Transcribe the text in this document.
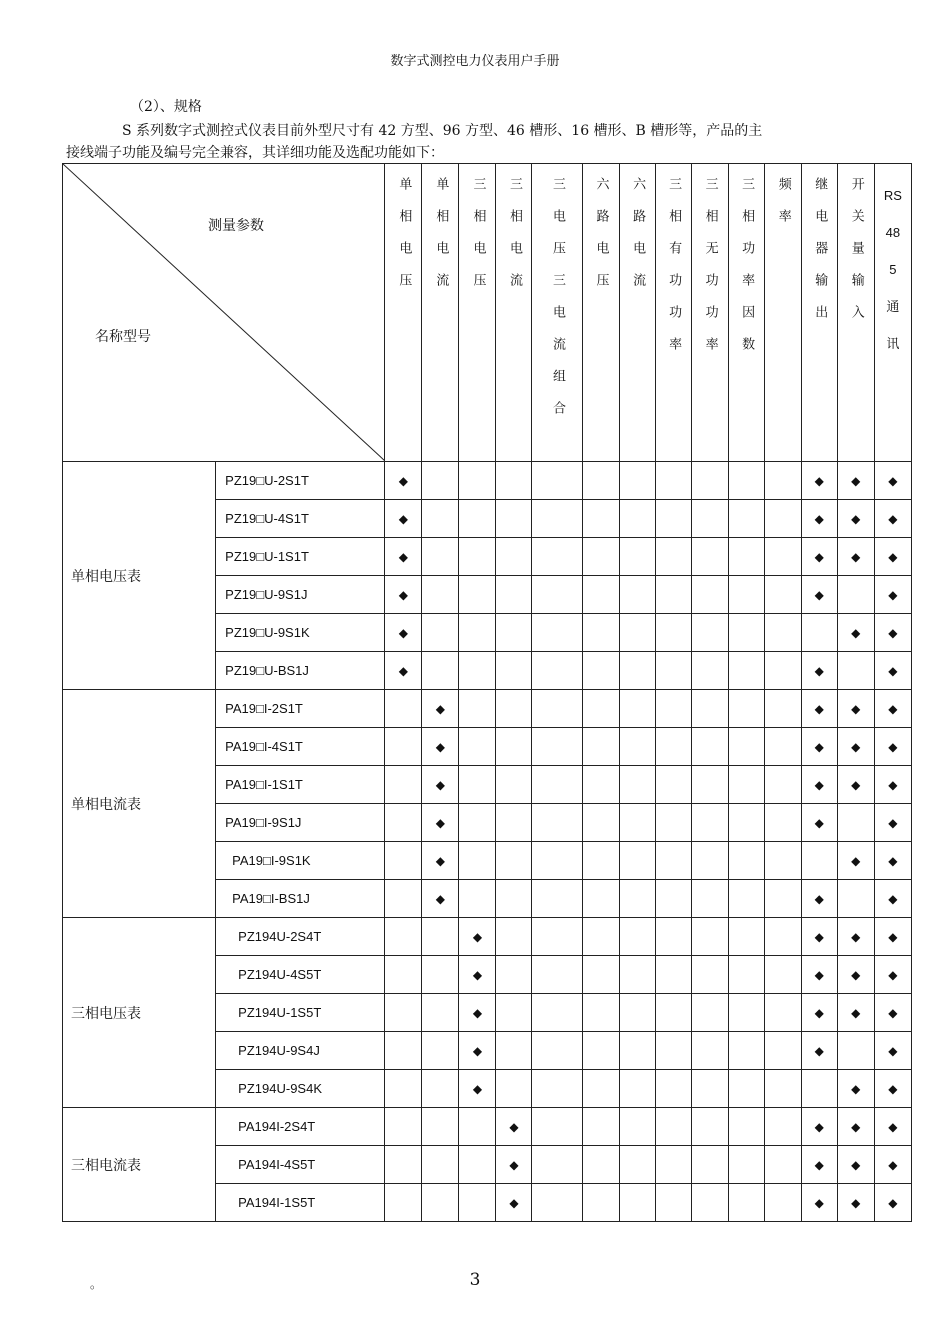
数字式测控电力仪表用户手册
（2）、规格
S 系列数字式测控式仪表目前外型尺寸有 42 方型、96 方型、46 槽形、16 槽形、B 槽形等，产品的主
接线端子功能及编号完全兼容，其详细功能及选配功能如下：
测量参数
名称型号		单相电压	单相电流	三相电压	三相电流	三电压三电流组合	六路电压	六路电流	三相有功功率	三相无功功率	三相功率因数	频率	继电器输出	开关量输入	RS485通讯

单相电压表	PZ19□U-2S1T	◆											◆	◆	◆
	PZ19□U-4S1T	◆											◆	◆	◆
	PZ19□U-1S1T	◆											◆	◆	◆
	PZ19□U-9S1J	◆											◆		◆
	PZ19□U-9S1K	◆												◆	◆
	PZ19□U-BS1J	◆											◆		◆
单相电流表	PA19□I-2S1T		◆										◆	◆	◆
	PA19□I-4S1T		◆										◆	◆	◆
	PA19□I-1S1T		◆										◆	◆	◆
	PA19□I-9S1J		◆										◆		◆
	PA19□I-9S1K		◆											◆	◆
	PA19□I-BS1J		◆										◆		◆
三相电压表	PZ194U-2S4T			◆									◆	◆	◆
	PZ194U-4S5T			◆									◆	◆	◆
	PZ194U-1S5T			◆									◆	◆	◆
	PZ194U-9S4J			◆									◆		◆
	PZ194U-9S4K			◆										◆	◆
三相电流表	PA194I-2S4T				◆								◆	◆	◆
	PA194I-4S5T				◆								◆	◆	◆
	PA194I-1S5T				◆								◆	◆	◆
。	3
